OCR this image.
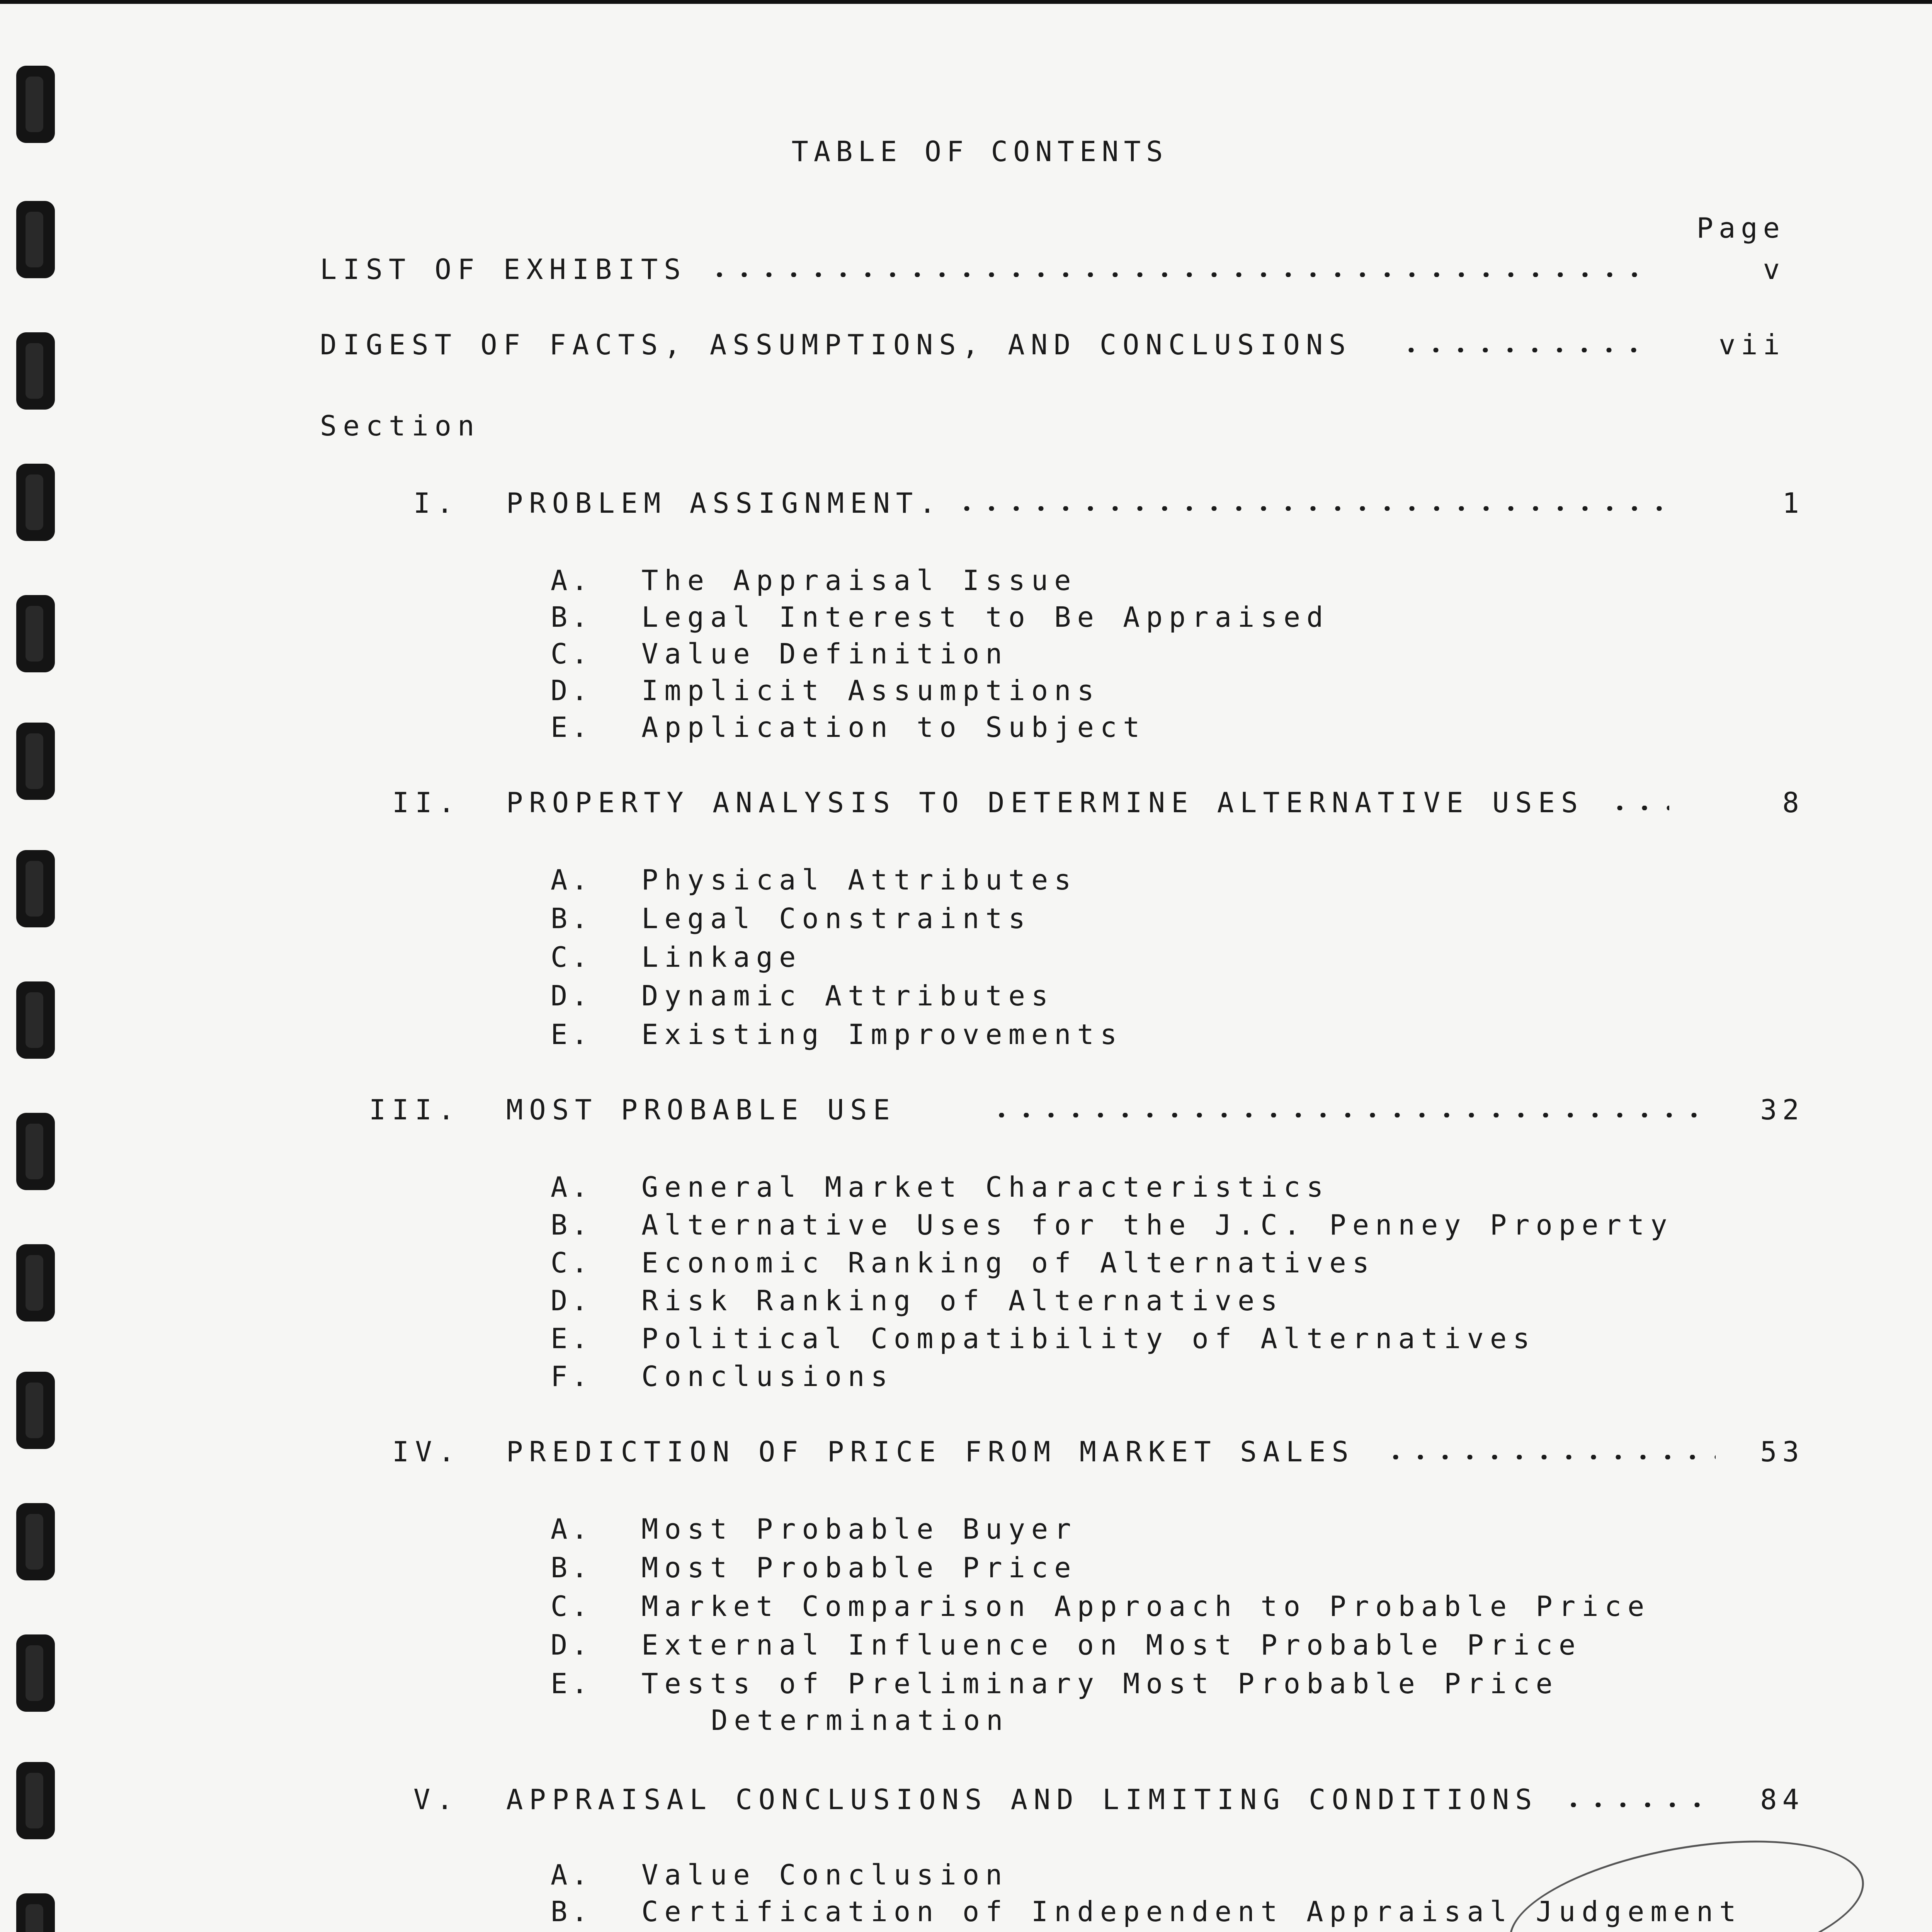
TABLE OF CONTENTS
Page
LIST OF EXHIBITS	v
DIGEST OF FACTS, ASSUMPTIONS, AND CONCLUSIONS	vii
Section
I. PROBLEM ASSIGNMENT.	1
A. The Appraisal Issue
B. Legal Interest to Be Appraised
C. Value Definition
D. Implicit Assumptions
E. Application to Subject
II. PROPERTY ANALYSIS TO DETERMINE ALTERNATIVE USES	8
A. Physical Attributes
B. Legal Constraints
C. Linkage
D. Dynamic Attributes
E. Existing Improvements
III. MOST PROBABLE USE	32
A. General Market Characteristics
B. Alternative Uses for the J.C. Penney Property
C. Economic Ranking of Alternatives
D. Risk Ranking of Alternatives
E. Political Compatibility of Alternatives
F. Conclusions
IV. PREDICTION OF PRICE FROM MARKET SALES	53
A. Most Probable Buyer
B. Most Probable Price
C. Market Comparison Approach to Probable Price
D. External Influence on Most Probable Price
E. Tests of Preliminary Most Probable Price
Determination
V. APPRAISAL CONCLUSIONS AND LIMITING CONDITIONS	84
A. Value Conclusion
B. Certification of Independent Appraisal Judgement
